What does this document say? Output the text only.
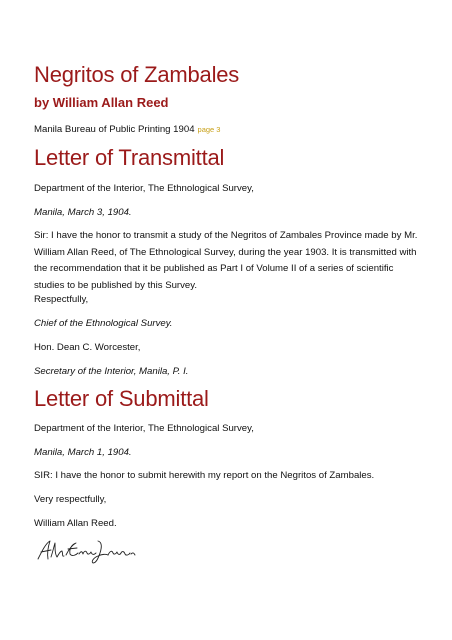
Negritos of Zambales
by William Allan Reed
Manila Bureau of Public Printing 1904 page 3
Letter of Transmittal
Department of the Interior, The Ethnological Survey,
Manila, March 3, 1904.
Sir: I have the honor to transmit a study of the Negritos of Zambales Province made by Mr. William Allan Reed, of The Ethnological Survey, during the year 1903. It is transmitted with the recommendation that it be published as Part I of Volume II of a series of scientific studies to be published by this Survey.
Respectfully,
Chief of the Ethnological Survey.
Hon. Dean C. Worcester,
Secretary of the Interior, Manila, P. I.
Letter of Submittal
Department of the Interior, The Ethnological Survey,
Manila, March 1, 1904.
SIR: I have the honor to submit herewith my report on the Negritos of Zambales.
Very respectfully,
William Allan Reed.
